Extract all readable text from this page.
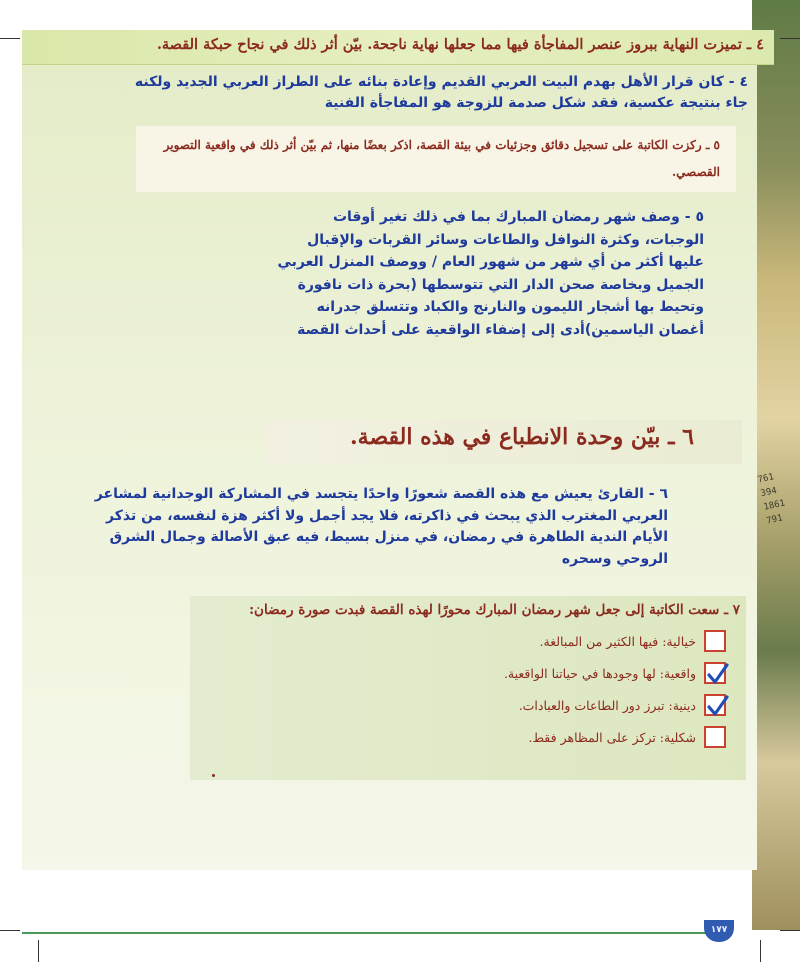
761 394 1861 791
٤ ـ تميزت النهاية ببروز عنصر المفاجأة فيها مما جعلها نهاية ناجحة. بيّن أثر ذلك في نجاح حبكة القصة.
٤ - كان قرار الأهل بهدم البيت العربي القديم وإعادة بنائه على الطراز العربي الجديد ولكنه جاء بنتيجة عكسية، فقد شكل صدمة للزوجة هو المفاجأة الفنية
٥ ـ ركزت الكاتبة على تسجيل دقائق وجزئيات في بيئة القصة، اذكر بعضًا منها، ثم بيّن أثر ذلك في واقعية التصوير القصصي.
٥ - وصف شهر رمضان المبارك بما في ذلك تغير أوقات الوجبات، وكثرة النوافل والطاعات وسائر القربات والإقبال عليها أكثر من أي شهر من شهور العام / ووصف المنزل العربي الجميل وبخاصة صحن الدار التي تتوسطها (بحرة ذات نافورة وتحيط بها أشجار الليمون والنارنج والكباد وتتسلق جدرانه أغصان الياسمين)أدى إلى إضفاء الواقعية على أحداث القصة
٦ ـ بيّن وحدة الانطباع في هذه القصة.
٦ - القارئ يعيش مع هذه القصة شعورًا واحدًا يتجسد في المشاركة الوجدانية لمشاعر العربي المغترب الذي يبحث في ذاكرته، فلا يجد أجمل ولا أكثر هزة لنفسه، من تذكر الأيام الندية الطاهرة في رمضان، في منزل بسيط، فيه عبق الأصالة وجمال الشرق الروحي وسحره
٧ ـ سعت الكاتبة إلى جعل شهر رمضان المبارك محورًا لهذه القصة فبدت صورة رمضان:
خيالية: فيها الكثير من المبالغة.
واقعية: لها وجودها في حياتنا الواقعية.
دينية: تبرز دور الطاعات والعبادات.
شكلية: تركز على المظاهر فقط.
١٧٧
